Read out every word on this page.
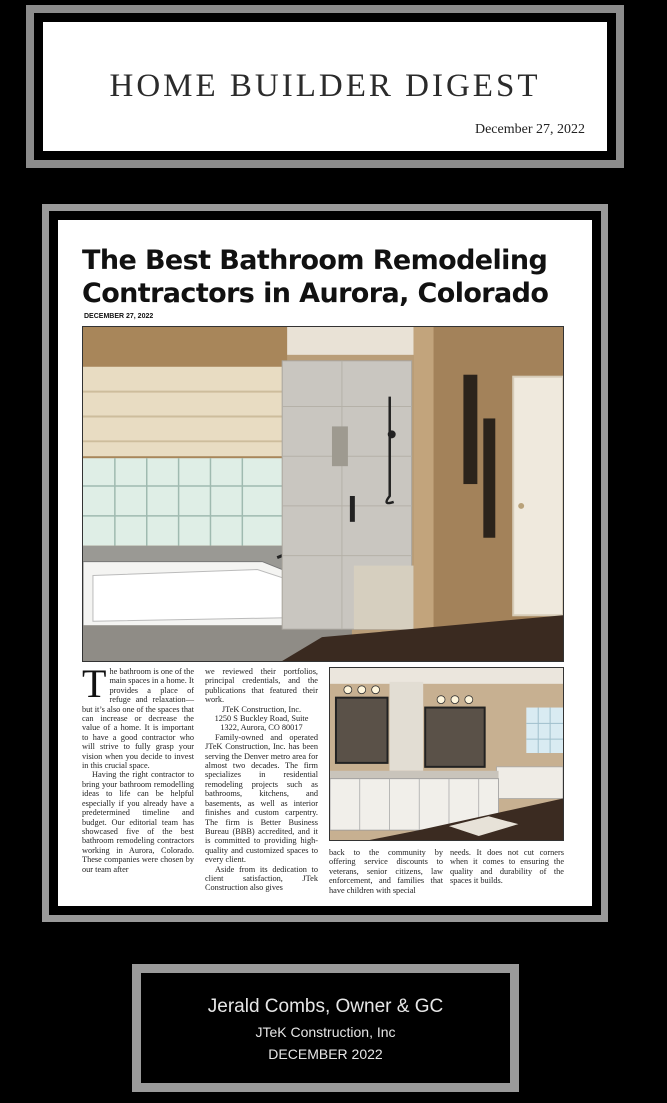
HOME BUILDER DIGEST
December 27, 2022
The Best Bathroom Remodeling
Contractors in Aurora, Colorado
DECEMBER 27, 2022
T he bathroom is one of the main spaces in a home. It provides a place of refuge and relaxation—but it’s also one of the spaces that can increase or decrease the value of a home. It is important to have a good contractor who will strive to fully grasp your vision when you decide to invest in this crucial space.

Having the right contractor to bring your bathroom remodelling ideas to life can be helpful especially if you already have a predetermined timeline and budget. Our editorial team has showcased five of the best bathroom remodeling contractors working in Aurora, Colorado. These companies were chosen by our team after

we reviewed their portfolios, principal credentials, and the publications that featured their work.

JTeK Construction, Inc.

1250 S Buckley Road, Suite 1322, Aurora, CO 80017

Family-owned and operated JTeK Construction, Inc. has been serving the Denver metro area for almost two decades. The firm specializes in residential remodeling projects such as bathrooms, kitchens, and basements, as well as interior finishes and custom carpentry. The firm is Better Business Bureau (BBB) accredited, and it is committed to providing high-quality and customized spaces to every client.

Aside from its dedication to client satisfaction, JTek Construction also gives

back to the community by offering service discounts to veterans, senior citizens, law enforcement, and families that have children with special

needs. It does not cut corners when it comes to ensuring the quality and durability of the spaces it builds.

Jerald Combs, Owner & GC
JTeK Construction, Inc
DECEMBER 2022
